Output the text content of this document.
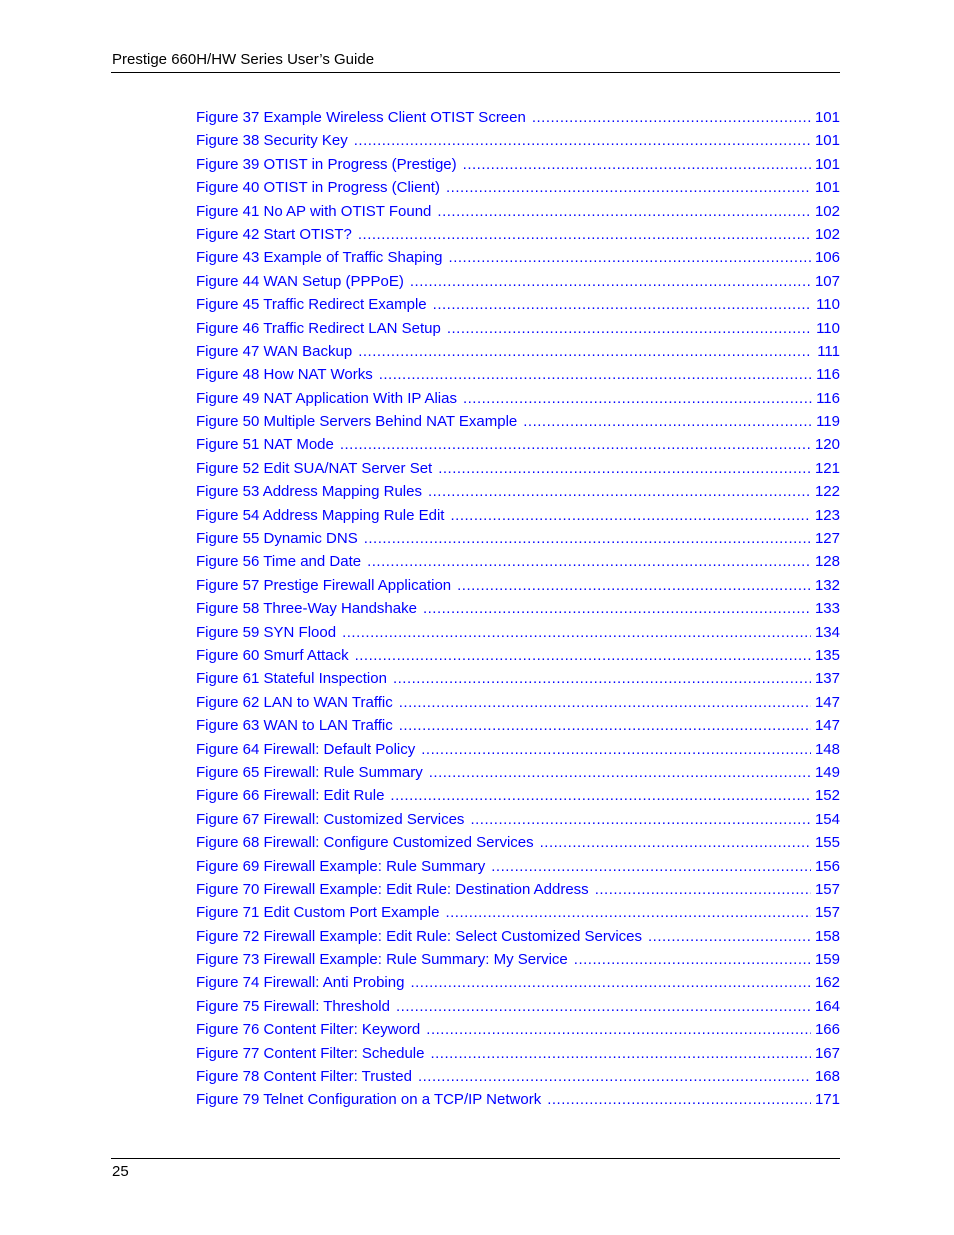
Prestige 660H/HW Series User’s Guide
Figure 37 Example Wireless Client OTIST Screen .....	101
Figure 38 Security Key .....	101
Figure 39 OTIST in Progress (Prestige) .....	101
Figure 40 OTIST in Progress (Client) .....	101
Figure 41 No AP with OTIST Found .....	102
Figure 42 Start OTIST? .....	102
Figure 43 Example of Traffic Shaping .....	106
Figure 44 WAN Setup (PPPoE) .....	107
Figure 45 Traffic Redirect Example .....	110
Figure 46 Traffic Redirect LAN Setup .....	110
Figure 47 WAN Backup .....	111
Figure 48 How NAT Works .....	116
Figure 49 NAT Application With IP Alias .....	116
Figure 50 Multiple Servers Behind NAT Example .....	119
Figure 51 NAT Mode .....	120
Figure 52 Edit SUA/NAT Server Set .....	121
Figure 53 Address Mapping Rules .....	122
Figure 54 Address Mapping Rule Edit .....	123
Figure 55 Dynamic DNS .....	127
Figure 56 Time and Date .....	128
Figure 57 Prestige Firewall Application .....	132
Figure 58 Three-Way Handshake .....	133
Figure 59 SYN Flood .....	134
Figure 60 Smurf Attack .....	135
Figure 61 Stateful Inspection .....	137
Figure 62 LAN to WAN Traffic .....	147
Figure 63 WAN to LAN Traffic .....	147
Figure 64 Firewall: Default Policy .....	148
Figure 65 Firewall: Rule Summary .....	149
Figure 66 Firewall: Edit Rule .....	152
Figure 67 Firewall: Customized Services .....	154
Figure 68 Firewall: Configure Customized Services .....	155
Figure 69 Firewall Example: Rule Summary .....	156
Figure 70 Firewall Example: Edit Rule: Destination Address .....	157
Figure 71 Edit Custom Port Example .....	157
Figure 72 Firewall Example: Edit Rule: Select Customized Services .....	158
Figure 73 Firewall Example: Rule Summary: My Service .....	159
Figure 74 Firewall: Anti Probing .....	162
Figure 75 Firewall: Threshold .....	164
Figure 76 Content Filter: Keyword .....	166
Figure 77 Content Filter: Schedule .....	167
Figure 78 Content Filter: Trusted .....	168
Figure 79 Telnet Configuration on a TCP/IP Network .....	171
25
